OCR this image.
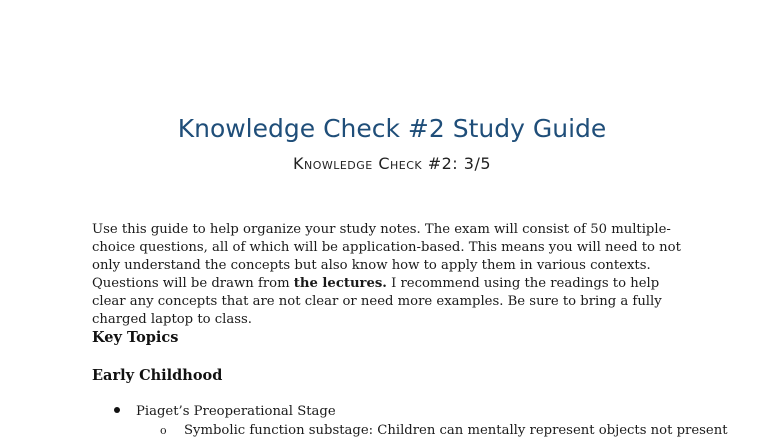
Knowledge Check #2 Study Guide
Knowledge Check #2: 3/5

Use this guide to help organize your study notes. The exam will consist of 50 multiple-choice questions, all of which will be application-based. This means you will need to not only understand the concepts but also know how to apply them in various contexts. Questions will be drawn from the lectures. I recommend using the readings to help clear any concepts that are not clear or need more examples. Be sure to bring a fully charged laptop to class.

Key Topics
Early Childhood
Piaget’s Preoperational Stage
o Symbolic function substage: Children can mentally represent objects not present
